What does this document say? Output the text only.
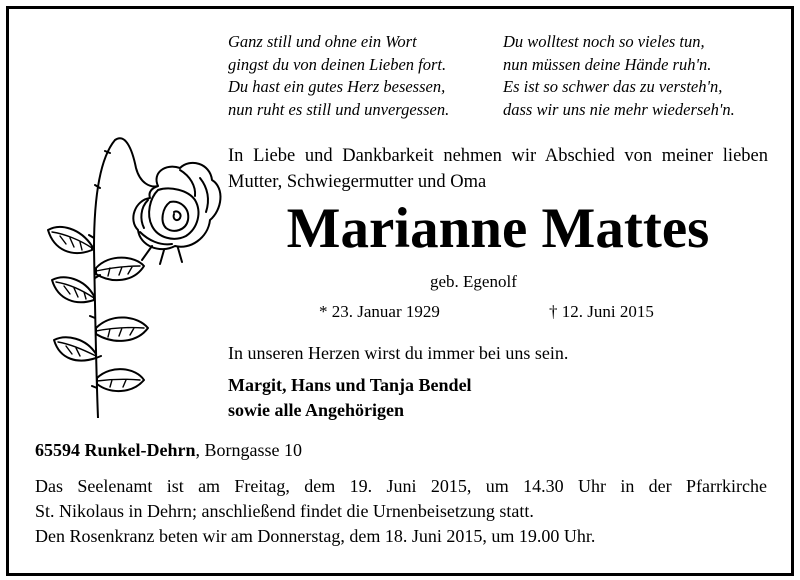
Ganz still und ohne ein Wort
gingst du von deinen Lieben fort.
Du hast ein gutes Herz besessen,
nun ruht es still und unvergessen.
Du wolltest noch so vieles tun,
nun müssen deine Hände ruh'n.
Es ist so schwer das zu versteh'n,
dass wir uns nie mehr wiederseh'n.
In Liebe und Dankbarkeit nehmen wir Abschied von meiner lieben Mutter, Schwiegermutter und Oma
Marianne Mattes
geb. Egenolf
* 23. Januar 1929	† 12. Juni 2015
In unseren Herzen wirst du immer bei uns sein.
Margit, Hans und Tanja Bendel
sowie alle Angehörigen
65594 Runkel-Dehrn, Borngasse 10
Das Seelenamt ist am Freitag, dem 19. Juni 2015, um 14.30 Uhr in der Pfarrkirche
St. Nikolaus in Dehrn; anschließend findet die Urnenbeisetzung statt.
Den Rosenkranz beten wir am Donnerstag, dem 18. Juni 2015, um 19.00 Uhr.
